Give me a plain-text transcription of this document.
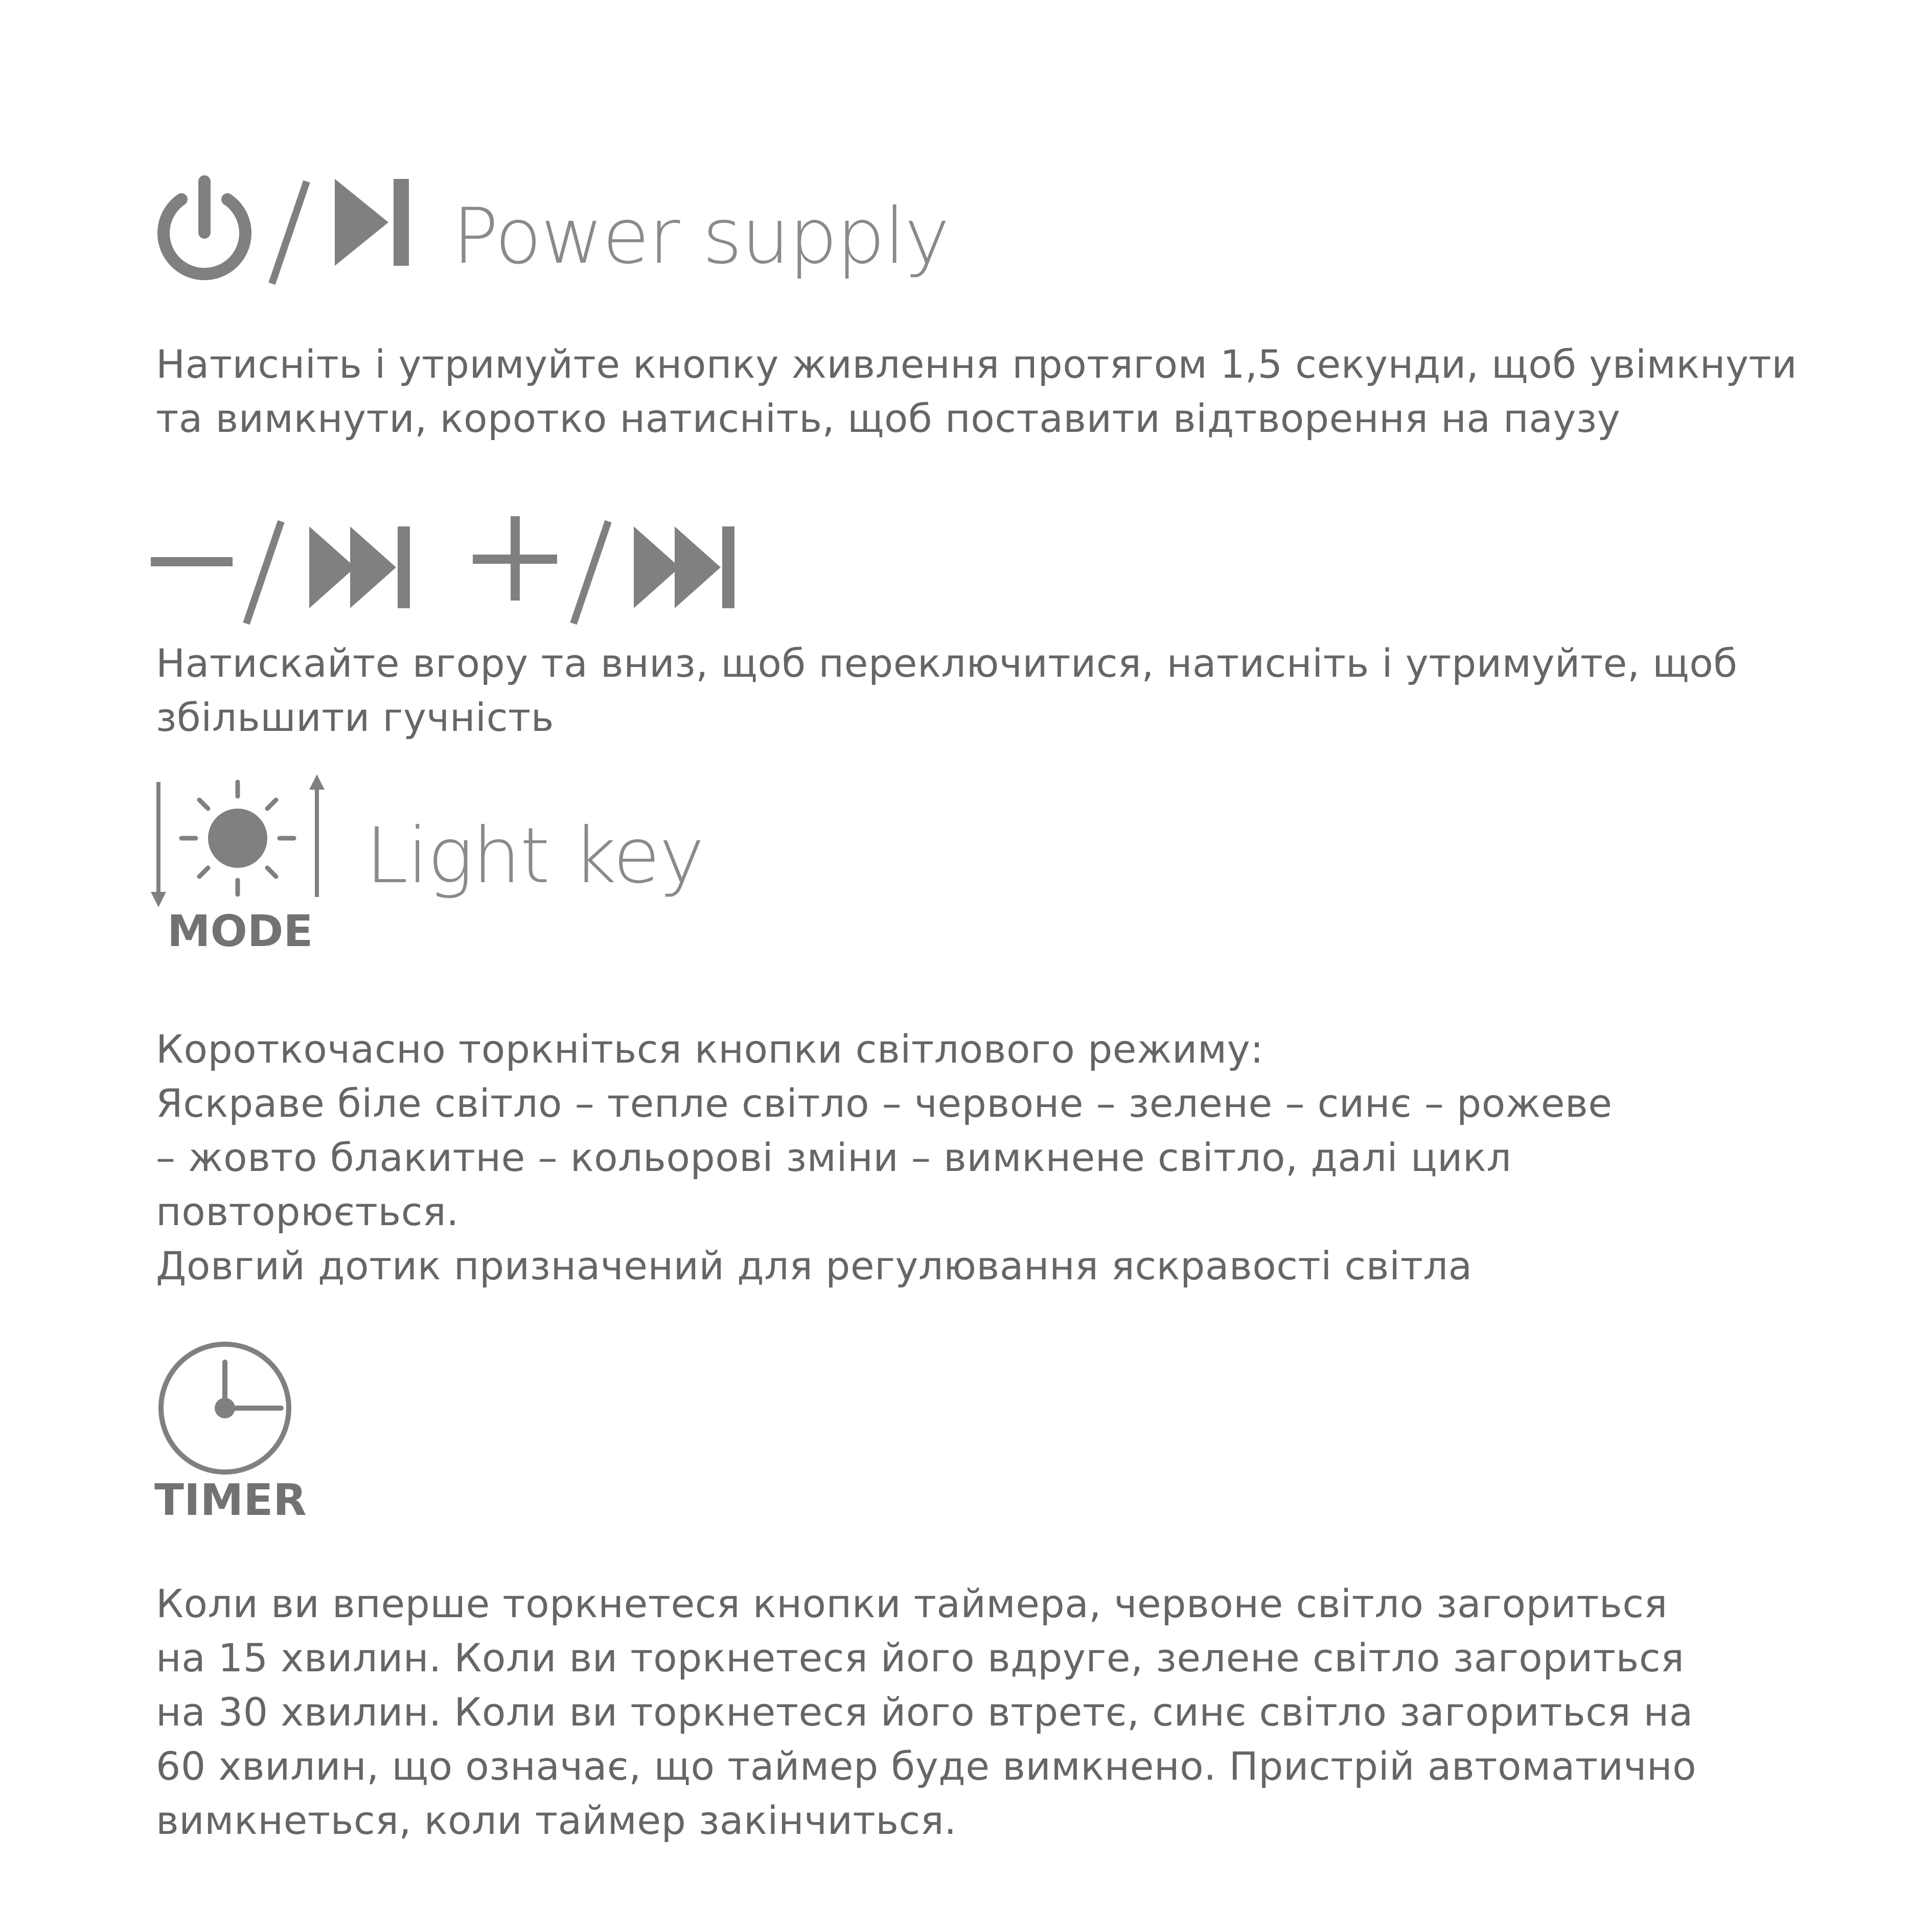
Power supply
Натисніть і утримуйте кнопку живлення протягом 1,5 секунди, щоб увімкнути
та вимкнути, коротко натисніть, щоб поставити відтворення на паузу
Натискайте вгору та вниз, щоб переключитися, натисніть і утримуйте, щоб
збільшити гучність
Light key
MODE
Короткочасно торкніться кнопки світлового режиму:
Яскраве біле світло – тепле світло – червоне – зелене – синє – рожеве
– жовто блакитне – кольорові зміни – вимкнене світло, далі цикл
повторюється.
Довгий дотик призначений для регулювання яскравості світла
TIMER
Коли ви вперше торкнетеся кнопки таймера, червоне світло загориться
на 15 хвилин. Коли ви торкнетеся його вдруге, зелене світло загориться
на 30 хвилин. Коли ви торкнетеся його втретє, синє світло загориться на
60 хвилин, що означає, що таймер буде вимкнено. Пристрій автоматично
вимкнеться, коли таймер закінчиться.
